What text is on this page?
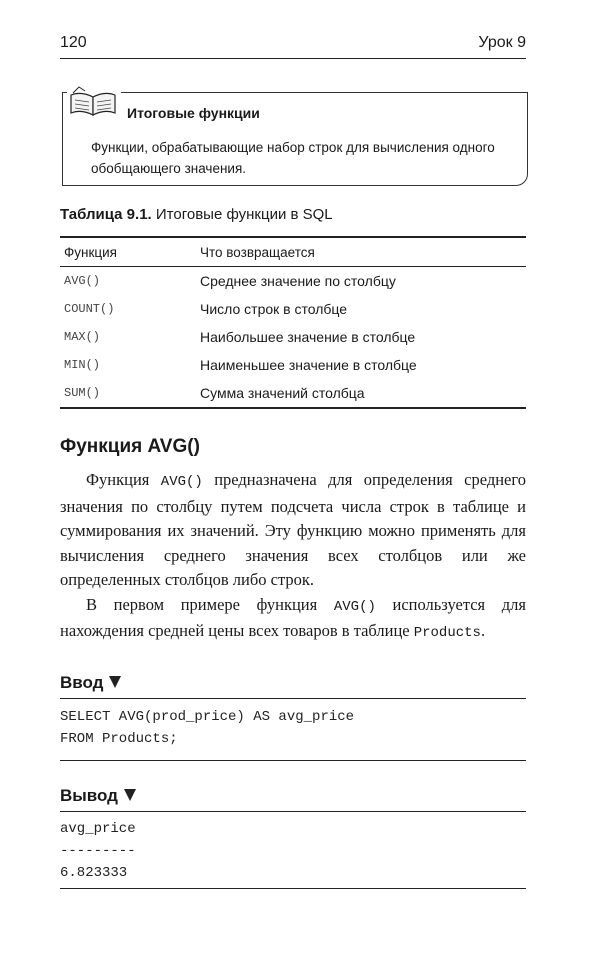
120	Урок 9
Итоговые функции
Функции, обрабатывающие набор строк для вычисления одного обобщающего значения.
Таблица 9.1. Итоговые функции в SQL
Функция	Что возвращается
AVG()	Среднее значение по столбцу
COUNT()	Число строк в столбце
MAX()	Наибольшее значение в столбце
MIN()	Наименьшее значение в столбце
SUM()	Сумма значений столбца
Функция AVG()

Функция AVG() предназначена для определения среднего значения по столбцу путем подсчета числа строк в таблице и суммирования их значений. Эту функцию можно применять для вычисления среднего значения всех столбцов или же определенных столбцов либо строк.

В первом примере функция AVG() используется для нахождения средней цены всех товаров в таблице Products.

Ввод
SELECT AVG(prod_price) AS avg_price
FROM Products;
Вывод
avg_price
---------
6.823333
